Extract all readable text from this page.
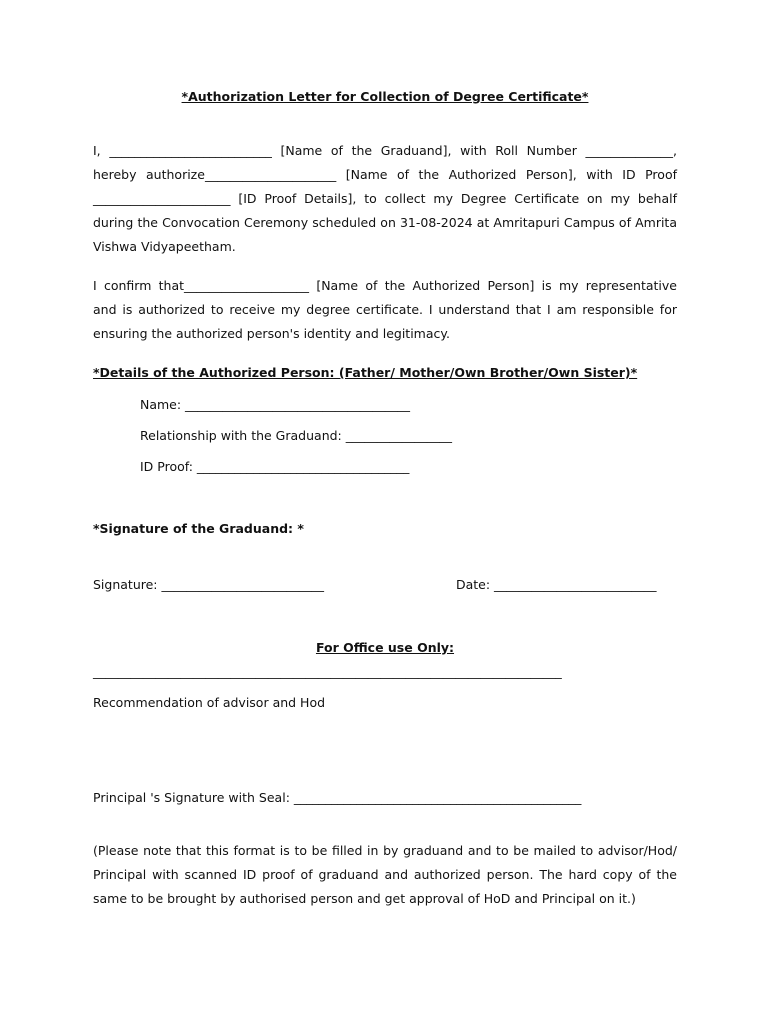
*Authorization Letter for Collection of Degree Certificate*
I, __________________________ [Name of the Graduand], with Roll Number ______________,
hereby authorize_____________________ [Name of the Authorized Person], with ID Proof
______________________ [ID Proof Details], to collect my Degree Certificate on my behalf
during the Convocation Ceremony scheduled on 31-08-2024 at Amritapuri Campus of Amrita
Vishwa Vidyapeetham.
I confirm that____________________ [Name of the Authorized Person] is my representative
and is authorized to receive my degree certificate. I understand that I am responsible for
ensuring the authorized person's identity and legitimacy.
*Details of the Authorized Person: (Father/ Mother/Own Brother/Own Sister)*
Name: ____________________________________
Relationship with the Graduand: _________________
ID Proof: __________________________________
*Signature of the Graduand: *
Signature: __________________________	Date: __________________________
For Office use Only:
___________________________________________________________________________
Recommendation of advisor and Hod
Principal 's Signature with Seal: ______________________________________________
(Please note that this format is to be filled in by graduand and to be mailed to advisor/Hod/
Principal with scanned ID proof of graduand and authorized person. The hard copy of the
same to be brought by authorised person and get approval of HoD and Principal on it.)
